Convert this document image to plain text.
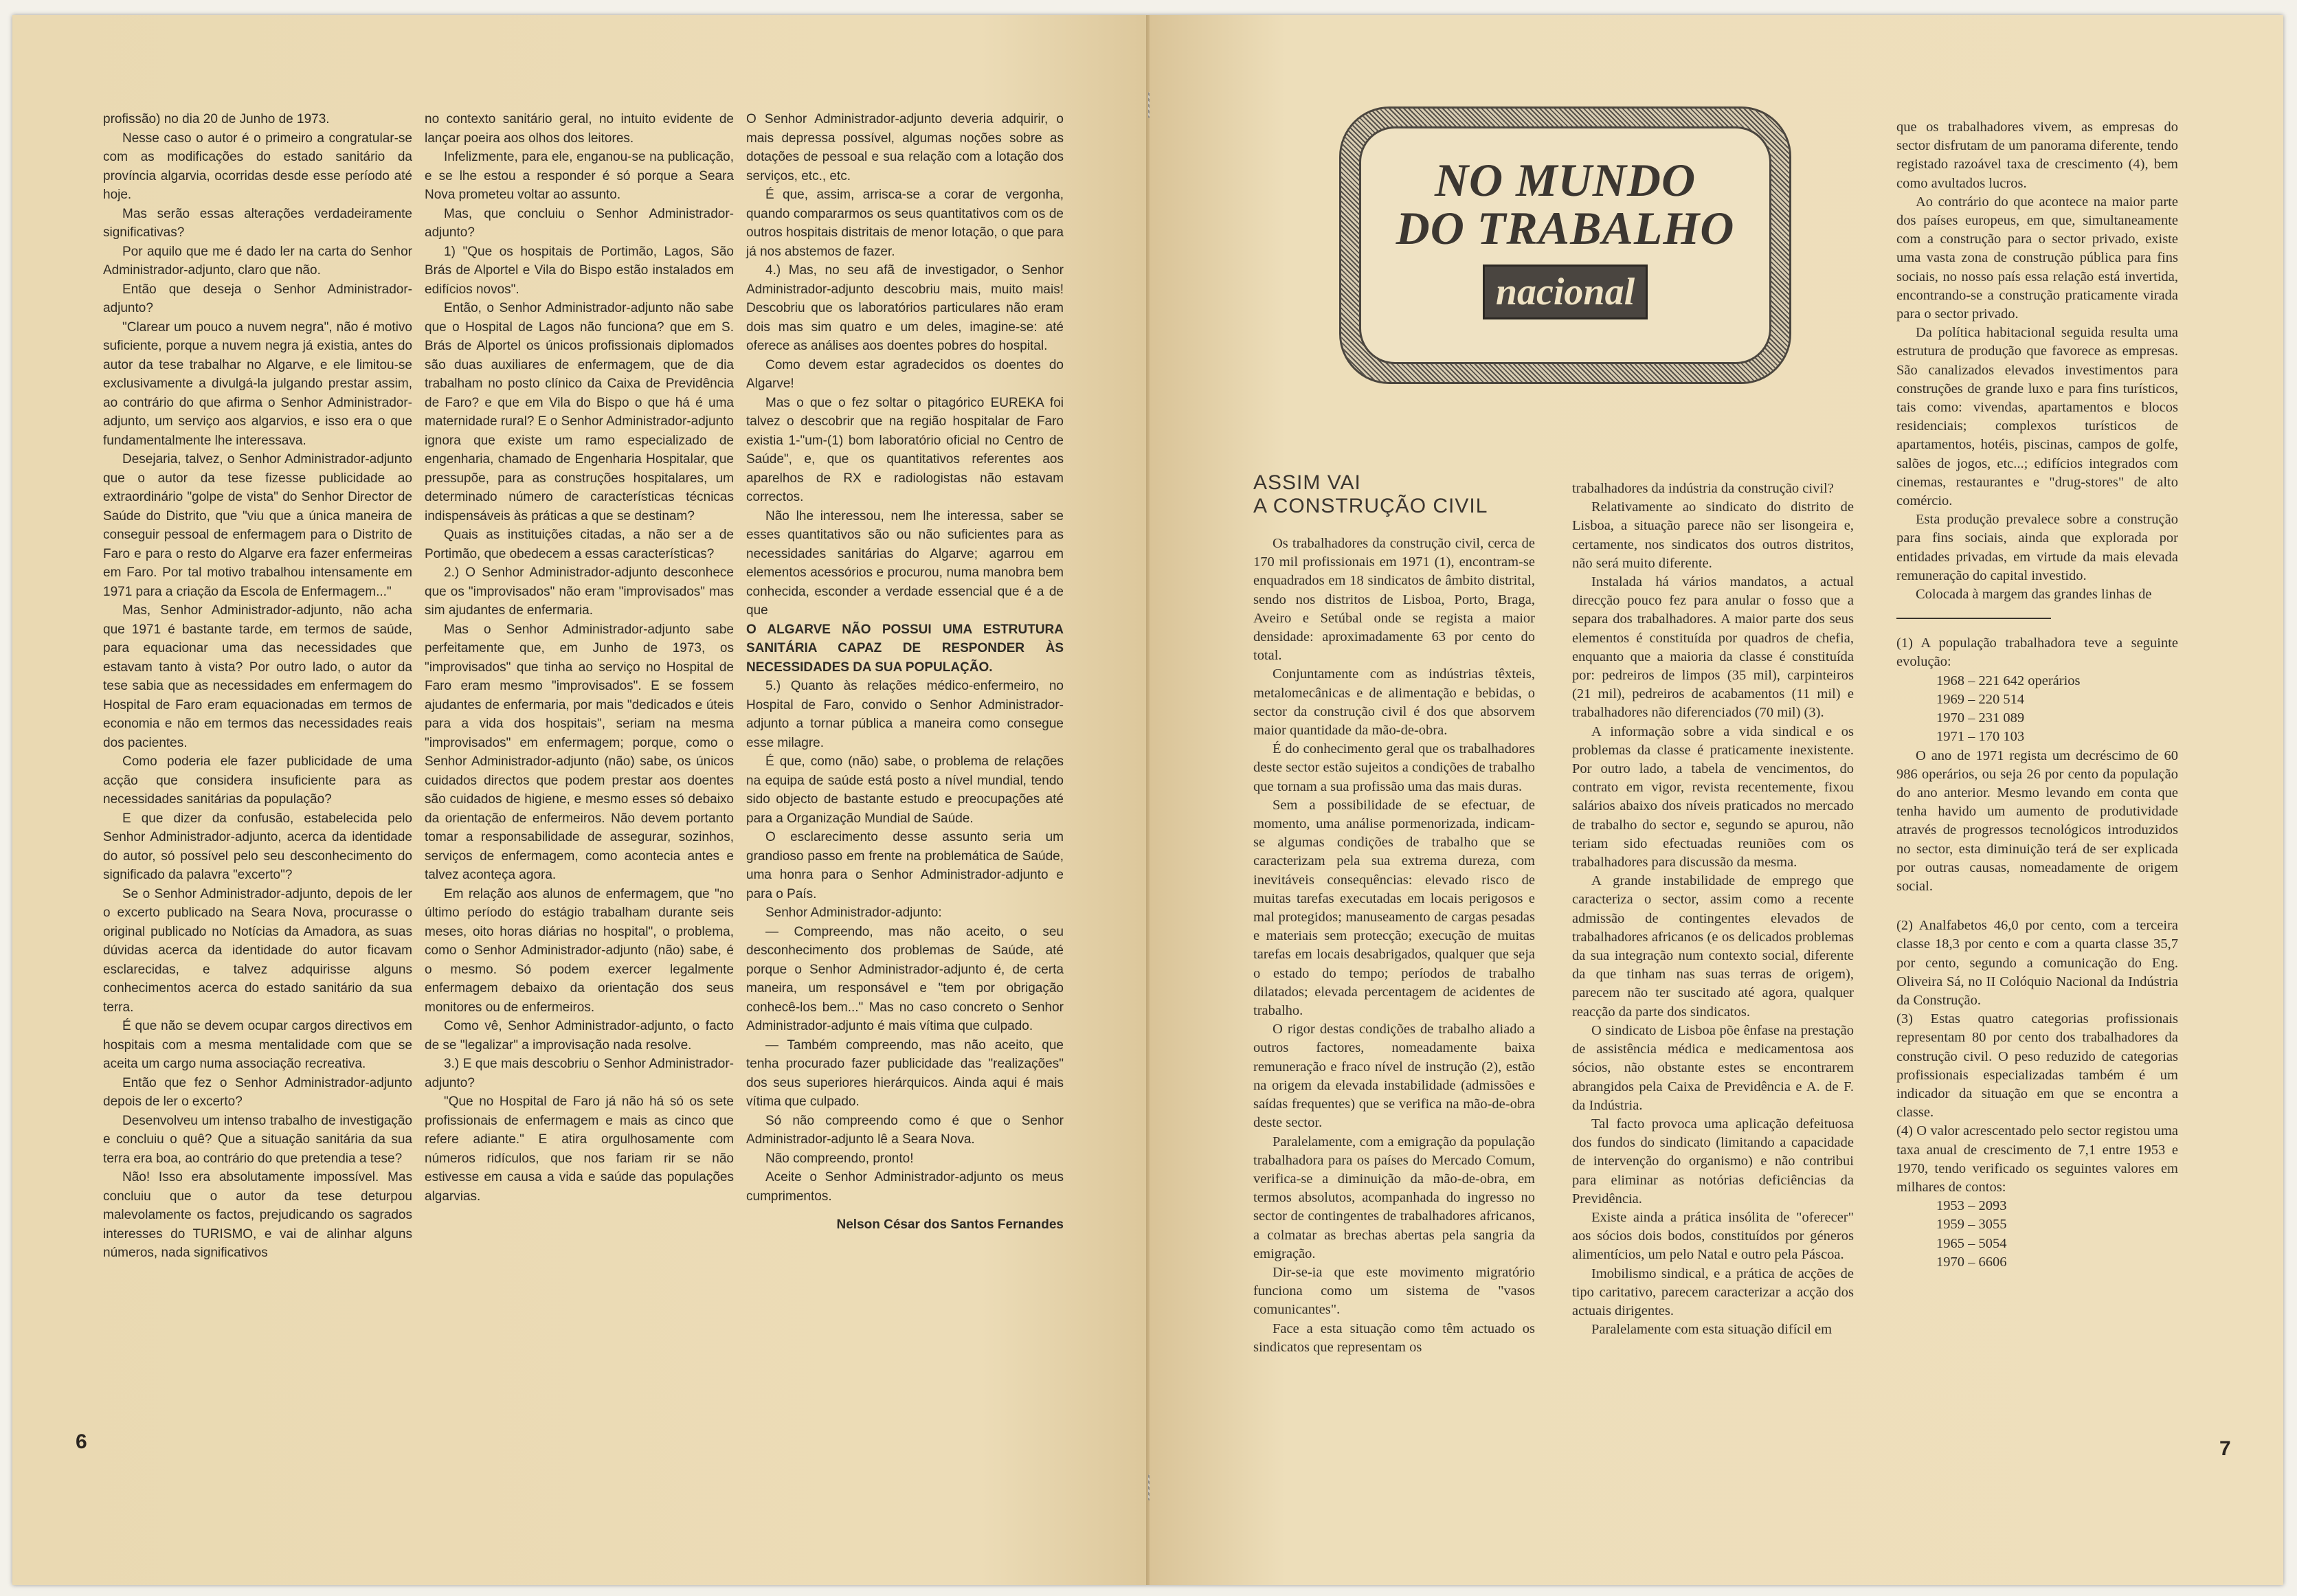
profissão) no dia 20 de Junho de 1973.

Nesse caso o autor é o primeiro a congratular-se com as modificações do estado sanitário da província algarvia, ocorridas desde esse período até hoje.

Mas serão essas alterações verdadeiramente significativas?

Por aquilo que me é dado ler na carta do Senhor Administrador-adjunto, claro que não.

Então que deseja o Senhor Administrador-adjunto?

"Clarear um pouco a nuvem negra", não é motivo suficiente, porque a nuvem negra já existia, antes do autor da tese trabalhar no Algarve, e ele limitou-se exclusivamente a divulgá-la julgando prestar assim, ao contrário do que afirma o Senhor Administrador-adjunto, um serviço aos algarvios, e isso era o que fundamentalmente lhe interessava.

Desejaria, talvez, o Senhor Administrador-adjunto que o autor da tese fizesse publicidade ao extraordinário "golpe de vista" do Senhor Director de Saúde do Distrito, que "viu que a única maneira de conseguir pessoal de enfermagem para o Distrito de Faro e para o resto do Algarve era fazer enfermeiras em Faro. Por tal motivo trabalhou intensamente em 1971 para a criação da Escola de Enfermagem..."

Mas, Senhor Administrador-adjunto, não acha que 1971 é bastante tarde, em termos de saúde, para equacionar uma das necessidades que estavam tanto à vista? Por outro lado, o autor da tese sabia que as necessidades em enfermagem do Hospital de Faro eram equacionadas em termos de economia e não em termos das necessidades reais dos pacientes.

Como poderia ele fazer publicidade de uma acção que considera insuficiente para as necessidades sanitárias da população?

E que dizer da confusão, estabelecida pelo Senhor Administrador-adjunto, acerca da identidade do autor, só possível pelo seu desconhecimento do significado da palavra "excerto"?

Se o Senhor Administrador-adjunto, depois de ler o excerto publicado na Seara Nova, procurasse o original publicado no Notícias da Amadora, as suas dúvidas acerca da identidade do autor ficavam esclarecidas, e talvez adquirisse alguns conhecimentos acerca do estado sanitário da sua terra.

É que não se devem ocupar cargos directivos em hospitais com a mesma mentalidade com que se aceita um cargo numa associação recreativa.

Então que fez o Senhor Administrador-adjunto depois de ler o excerto?

Desenvolveu um intenso trabalho de investigação e concluiu o quê? Que a situação sanitária da sua terra era boa, ao contrário do que pretendia a tese?

Não! Isso era absolutamente impossível. Mas concluiu que o autor da tese deturpou malevolamente os factos, prejudicando os sagrados interesses do TURISMO, e vai de alinhar alguns números, nada significativos

6

no contexto sanitário geral, no intuito evidente de lançar poeira aos olhos dos leitores.

Infelizmente, para ele, enganou-se na publicação, e se lhe estou a responder é só porque a Seara Nova prometeu voltar ao assunto.

Mas, que concluiu o Senhor Administrador-adjunto?

1) "Que os hospitais de Portimão, Lagos, São Brás de Alportel e Vila do Bispo estão instalados em edifícios novos".

Então, o Senhor Administrador-adjunto não sabe que o Hospital de Lagos não funciona? que em S. Brás de Alportel os únicos profissionais diplomados são duas auxiliares de enfermagem, que de dia trabalham no posto clínico da Caixa de Previdência de Faro? e que em Vila do Bispo o que há é uma maternidade rural? E o Senhor Administrador-adjunto ignora que existe um ramo especializado de engenharia, chamado de Engenharia Hospitalar, que pressupõe, para as construções hospitalares, um determinado número de características técnicas indispensáveis às práticas a que se destinam?

Quais as instituições citadas, a não ser a de Portimão, que obedecem a essas características?

2.) O Senhor Administrador-adjunto desconhece que os "improvisados" não eram "improvisados" mas sim ajudantes de enfermaria.

Mas o Senhor Administrador-adjunto sabe perfeitamente que, em Junho de 1973, os "improvisados" que tinha ao serviço no Hospital de Faro eram mesmo "improvisados". E se fossem ajudantes de enfermaria, por mais "dedicados e úteis para a vida dos hospitais", seriam na mesma "improvisados" em enfermagem; porque, como o Senhor Administrador-adjunto (não) sabe, os únicos cuidados directos que podem prestar aos doentes são cuidados de higiene, e mesmo esses só debaixo da orientação de enfermeiros. Não devem portanto tomar a responsabilidade de assegurar, sozinhos, serviços de enfermagem, como acontecia antes e talvez aconteça agora.

Em relação aos alunos de enfermagem, que "no último período do estágio trabalham durante seis meses, oito horas diárias no hospital", o problema, como o Senhor Administrador-adjunto (não) sabe, é o mesmo. Só podem exercer legalmente enfermagem debaixo da orientação dos seus monitores ou de enfermeiros.

Como vê, Senhor Administrador-adjunto, o facto de se "legalizar" a improvisação nada resolve.

3.) E que mais descobriu o Senhor Administrador-adjunto?

"Que no Hospital de Faro já não há só os sete profissionais de enfermagem e mais as cinco que refere adiante." E atira orgulhosamente com números ridículos, que nos fariam rir se não estivesse em causa a vida e saúde das populações algarvias.

O Senhor Administrador-adjunto deveria adquirir, o mais depressa possível, algumas noções sobre as dotações de pessoal e sua relação com a lotação dos serviços, etc., etc.

É que, assim, arrisca-se a corar de vergonha, quando compararmos os seus quantitativos com os de outros hospitais distritais de menor lotação, o que para já nos abstemos de fazer.

4.) Mas, no seu afã de investigador, o Senhor Administrador-adjunto descobriu mais, muito mais! Descobriu que os laboratórios particulares não eram dois mas sim quatro e um deles, imagine-se: até oferece as análises aos doentes pobres do hospital.

Como devem estar agradecidos os doentes do Algarve!

Mas o que o fez soltar o pitagórico EUREKA foi talvez o descobrir que na região hospitalar de Faro existia 1-"um-(1) bom laboratório oficial no Centro de Saúde", e, que os quantitativos referentes aos aparelhos de RX e radiologistas não estavam correctos.

Não lhe interessou, nem lhe interessa, saber se esses quantitativos são ou não suficientes para as necessidades sanitárias do Algarve; agarrou em elementos acessórios e procurou, numa manobra bem conhecida, esconder a verdade essencial que é a de que

O ALGARVE NÃO POSSUI UMA ESTRUTURA SANITÁRIA CAPAZ DE RESPONDER ÀS NECESSIDADES DA SUA POPULAÇÃO.

5.) Quanto às relações médico-enfermeiro, no Hospital de Faro, convido o Senhor Administrador-adjunto a tornar pública a maneira como consegue esse milagre.

É que, como (não) sabe, o problema de relações na equipa de saúde está posto a nível mundial, tendo sido objecto de bastante estudo e preocupações até para a Organização Mundial de Saúde.

O esclarecimento desse assunto seria um grandioso passo em frente na problemática de Saúde, uma honra para o Senhor Administrador-adjunto e para o País.

Senhor Administrador-adjunto:

— Compreendo, mas não aceito, o seu desconhecimento dos problemas de Saúde, até porque o Senhor Administrador-adjunto é, de certa maneira, um responsável e "tem por obrigação conhecê-los bem..." Mas no caso concreto o Senhor Administrador-adjunto é mais vítima que culpado.

— Também compreendo, mas não aceito, que tenha procurado fazer publicidade das "realizações" dos seus superiores hierárquicos. Ainda aqui é mais vítima que culpado.

Só não compreendo como é que o Senhor Administrador-adjunto lê a Seara Nova.

Não compreendo, pronto!

Aceite o Senhor Administrador-adjunto os meus cumprimentos.

Nelson César dos Santos Fernandes

NO MUNDO
DO TRABALHO
nacional
ASSIM VAI
A CONSTRUÇÃO CIVIL

Os trabalhadores da construção civil, cerca de 170 mil profissionais em 1971 (1), encontram-se enquadrados em 18 sindicatos de âmbito distrital, sendo nos distritos de Lisboa, Porto, Braga, Aveiro e Setúbal onde se regista a maior densidade: aproximadamente 63 por cento do total.

Conjuntamente com as indústrias têxteis, metalomecânicas e de alimentação e bebidas, o sector da construção civil é dos que absorvem maior quantidade da mão-de-obra.

É do conhecimento geral que os trabalhadores deste sector estão sujeitos a condições de trabalho que tornam a sua profissão uma das mais duras.

Sem a possibilidade de se efectuar, de momento, uma análise pormenorizada, indicam-se algumas condições de trabalho que se caracterizam pela sua extrema dureza, com inevitáveis consequências: elevado risco de muitas tarefas executadas em locais perigosos e mal protegidos; manuseamento de cargas pesadas e materiais sem protecção; execução de muitas tarefas em locais desabrigados, qualquer que seja o estado do tempo; períodos de trabalho dilatados; elevada percentagem de acidentes de trabalho.

O rigor destas condições de trabalho aliado a outros factores, nomeadamente baixa remuneração e fraco nível de instrução (2), estão na origem da elevada instabilidade (admissões e saídas frequentes) que se verifica na mão-de-obra deste sector.

Paralelamente, com a emigração da população trabalhadora para os países do Mercado Comum, verifica-se a diminuição da mão-de-obra, em termos absolutos, acompanhada do ingresso no sector de contingentes de trabalhadores africanos, a colmatar as brechas abertas pela sangria da emigração.

Dir-se-ia que este movimento migratório funciona como um sistema de "vasos comunicantes".

Face a esta situação como têm actuado os sindicatos que representam os

trabalhadores da indústria da construção civil?

Relativamente ao sindicato do distrito de Lisboa, a situação parece não ser lisongeira e, certamente, nos sindicatos dos outros distritos, não será muito diferente.

Instalada há vários mandatos, a actual direcção pouco fez para anular o fosso que a separa dos trabalhadores. A maior parte dos seus elementos é constituída por quadros de chefia, enquanto que a maioria da classe é constituída por: pedreiros de limpos (35 mil), carpinteiros (21 mil), pedreiros de acabamentos (11 mil) e trabalhadores não diferenciados (70 mil) (3).

A informação sobre a vida sindical e os problemas da classe é praticamente inexistente. Por outro lado, a tabela de vencimentos, do contrato em vigor, revista recentemente, fixou salários abaixo dos níveis praticados no mercado de trabalho do sector e, segundo se apurou, não teriam sido efectuadas reuniões com os trabalhadores para discussão da mesma.

A grande instabilidade de emprego que caracteriza o sector, assim como a recente admissão de contingentes elevados de trabalhadores africanos (e os delicados problemas da sua integração num contexto social, diferente da que tinham nas suas terras de origem), parecem não ter suscitado até agora, qualquer reacção da parte dos sindicatos.

O sindicato de Lisboa põe ênfase na prestação de assistência médica e medicamentosa aos sócios, não obstante estes se encontrarem abrangidos pela Caixa de Previdência e A. de F. da Indústria.

Tal facto provoca uma aplicação defeituosa dos fundos do sindicato (limitando a capacidade de intervenção do organismo) e não contribui para eliminar as notórias deficiências da Previdência.

Existe ainda a prática insólita de "oferecer" aos sócios dois bodos, constituídos por géneros alimentícios, um pelo Natal e outro pela Páscoa.

Imobilismo sindical, e a prática de acções de tipo caritativo, parecem caracterizar a acção dos actuais dirigentes.

Paralelamente com esta situação difícil em

que os trabalhadores vivem, as empresas do sector disfrutam de um panorama diferente, tendo registado razoável taxa de crescimento (4), bem como avultados lucros.

Ao contrário do que acontece na maior parte dos países europeus, em que, simultaneamente com a construção para o sector privado, existe uma vasta zona de construção pública para fins sociais, no nosso país essa relação está invertida, encontrando-se a construção praticamente virada para o sector privado.

Da política habitacional seguida resulta uma estrutura de produção que favorece as empresas. São canalizados elevados investimentos para construções de grande luxo e para fins turísticos, tais como: vivendas, apartamentos e blocos residenciais; complexos turísticos de apartamentos, hotéis, piscinas, campos de golfe, salões de jogos, etc...; edifícios integrados com cinemas, restaurantes e "drug-stores" de alto comércio.

Esta produção prevalece sobre a construção para fins sociais, ainda que explorada por entidades privadas, em virtude da mais elevada remuneração do capital investido.

Colocada à margem das grandes linhas de

(1) A população trabalhadora teve a seguinte evolução:

1968 – 221 642 operários

1969 – 220 514

1970 – 231 089

1971 – 170 103

O ano de 1971 regista um decréscimo de 60 986 operários, ou seja 26 por cento da população do ano anterior. Mesmo levando em conta que tenha havido um aumento de produtividade através de progressos tecnológicos introduzidos no sector, esta diminuição terá de ser explicada por outras causas, nomeadamente de origem social.

(2) Analfabetos 46,0 por cento, com a terceira classe 18,3 por cento e com a quarta classe 35,7 por cento, segundo a comunicação do Eng. Oliveira Sá, no II Colóquio Nacional da Indústria da Construção.

(3) Estas quatro categorias profissionais representam 80 por cento dos trabalhadores da construção civil. O peso reduzido de categorias profissionais especializadas também é um indicador da situação em que se encontra a classe.

(4) O valor acrescentado pelo sector registou uma taxa anual de crescimento de 7,1 entre 1953 e 1970, tendo verificado os seguintes valores em milhares de contos:

1953 – 2093

1959 – 3055

1965 – 5054

1970 – 6606

7
